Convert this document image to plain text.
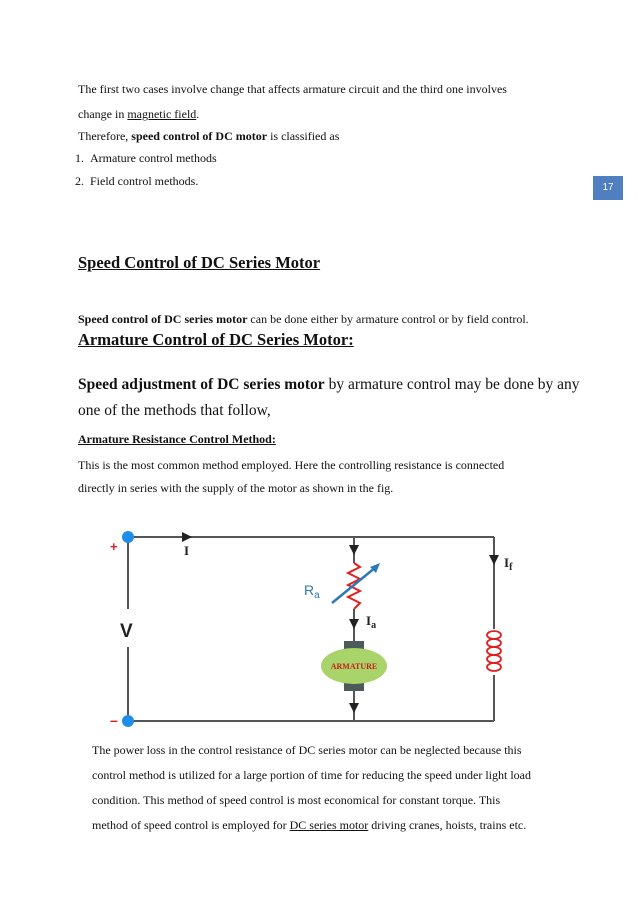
The first two cases involve change that affects armature circuit and the third one involves
change in magnetic field.
Therefore, speed control of DC motor is classified as
1. Armature control methods
2. Field control methods.	17
Speed Control of DC Series Motor
Speed control of DC series motor can be done either by armature control or by field control.
Armature Control of DC Series Motor:
Speed adjustment of DC series motor by armature control may be done by any
one of the methods that follow,
Armature Resistance Control Method:
This is the most common method employed. Here the controlling resistance is connected
directly in series with the supply of the motor as shown in the fig.
+
–
I
V
$R_a$
$I_a$
$I_f$
ARMATURE
The power loss in the control resistance of DC series motor can be neglected because this
control method is utilized for a large portion of time for reducing the speed under light load
condition. This method of speed control is most economical for constant torque. This
method of speed control is employed for DC series motor driving cranes, hoists, trains etc.
